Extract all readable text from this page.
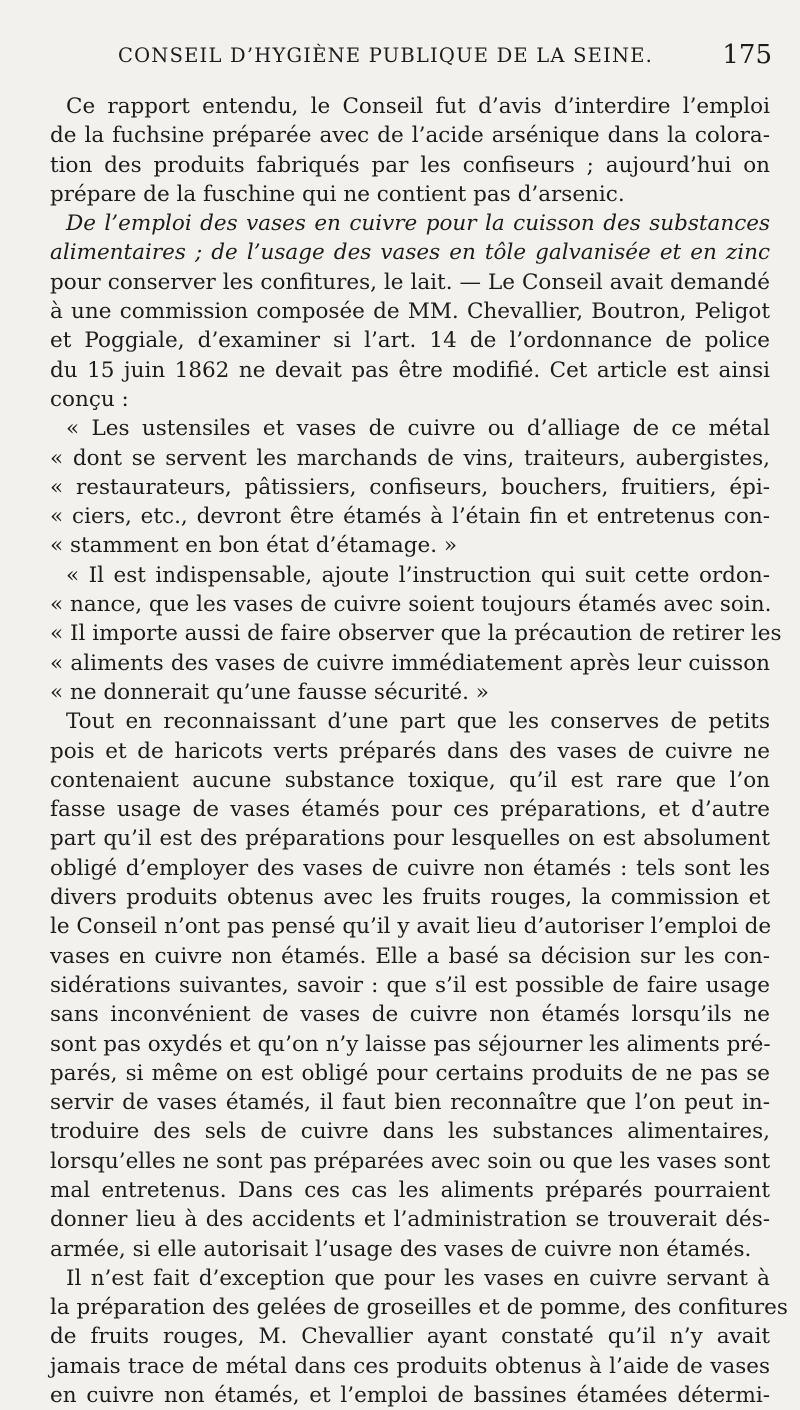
CONSEIL D’HYGIÈNE PUBLIQUE DE LA SEINE.	175
Ce rapport entendu, le Conseil fut d’avis d’interdire l’emploi
de la fuchsine préparée avec de l’acide arsénique dans la colora-
tion des produits fabriqués par les confiseurs ; aujourd’hui on
prépare de la fuschine qui ne contient pas d’arsenic.
De l’emploi des vases en cuivre pour la cuisson des substances
alimentaires ; de l’usage des vases en tôle galvanisée et en zinc
pour conserver les confitures, le lait. — Le Conseil avait demandé
à une commission composée de MM. Chevallier, Boutron, Peligot
et Poggiale, d’examiner si l’art. 14 de l’ordonnance de police
du 15 juin 1862 ne devait pas être modifié. Cet article est ainsi
conçu :
« Les ustensiles et vases de cuivre ou d’alliage de ce métal
« dont se servent les marchands de vins, traiteurs, aubergistes,
« restaurateurs, pâtissiers, confiseurs, bouchers, fruitiers, épi-
« ciers, etc., devront être étamés à l’étain fin et entretenus con-
« stamment en bon état d’étamage. »
« Il est indispensable, ajoute l’instruction qui suit cette ordon-
« nance, que les vases de cuivre soient toujours étamés avec soin.
« Il importe aussi de faire observer que la précaution de retirer les
« aliments des vases de cuivre immédiatement après leur cuisson
« ne donnerait qu’une fausse sécurité. »
Tout en reconnaissant d’une part que les conserves de petits
pois et de haricots verts préparés dans des vases de cuivre ne
contenaient aucune substance toxique, qu’il est rare que l’on
fasse usage de vases étamés pour ces préparations, et d’autre
part qu’il est des préparations pour lesquelles on est absolument
obligé d’employer des vases de cuivre non étamés : tels sont les
divers produits obtenus avec les fruits rouges, la commission et
le Conseil n’ont pas pensé qu’il y avait lieu d’autoriser l’emploi de
vases en cuivre non étamés. Elle a basé sa décision sur les con-
sidérations suivantes, savoir : que s’il est possible de faire usage
sans inconvénient de vases de cuivre non étamés lorsqu’ils ne
sont pas oxydés et qu’on n’y laisse pas séjourner les aliments pré-
parés, si même on est obligé pour certains produits de ne pas se
servir de vases étamés, il faut bien reconnaître que l’on peut in-
troduire des sels de cuivre dans les substances alimentaires,
lorsqu’elles ne sont pas préparées avec soin ou que les vases sont
mal entretenus. Dans ces cas les aliments préparés pourraient
donner lieu à des accidents et l’administration se trouverait dés-
armée, si elle autorisait l’usage des vases de cuivre non étamés.
Il n’est fait d’exception que pour les vases en cuivre servant à
la préparation des gelées de groseilles et de pomme, des confitures
de fruits rouges, M. Chevallier ayant constaté qu’il n’y avait
jamais trace de métal dans ces produits obtenus à l’aide de vases
en cuivre non étamés, et l’emploi de bassines étamées détermi-
